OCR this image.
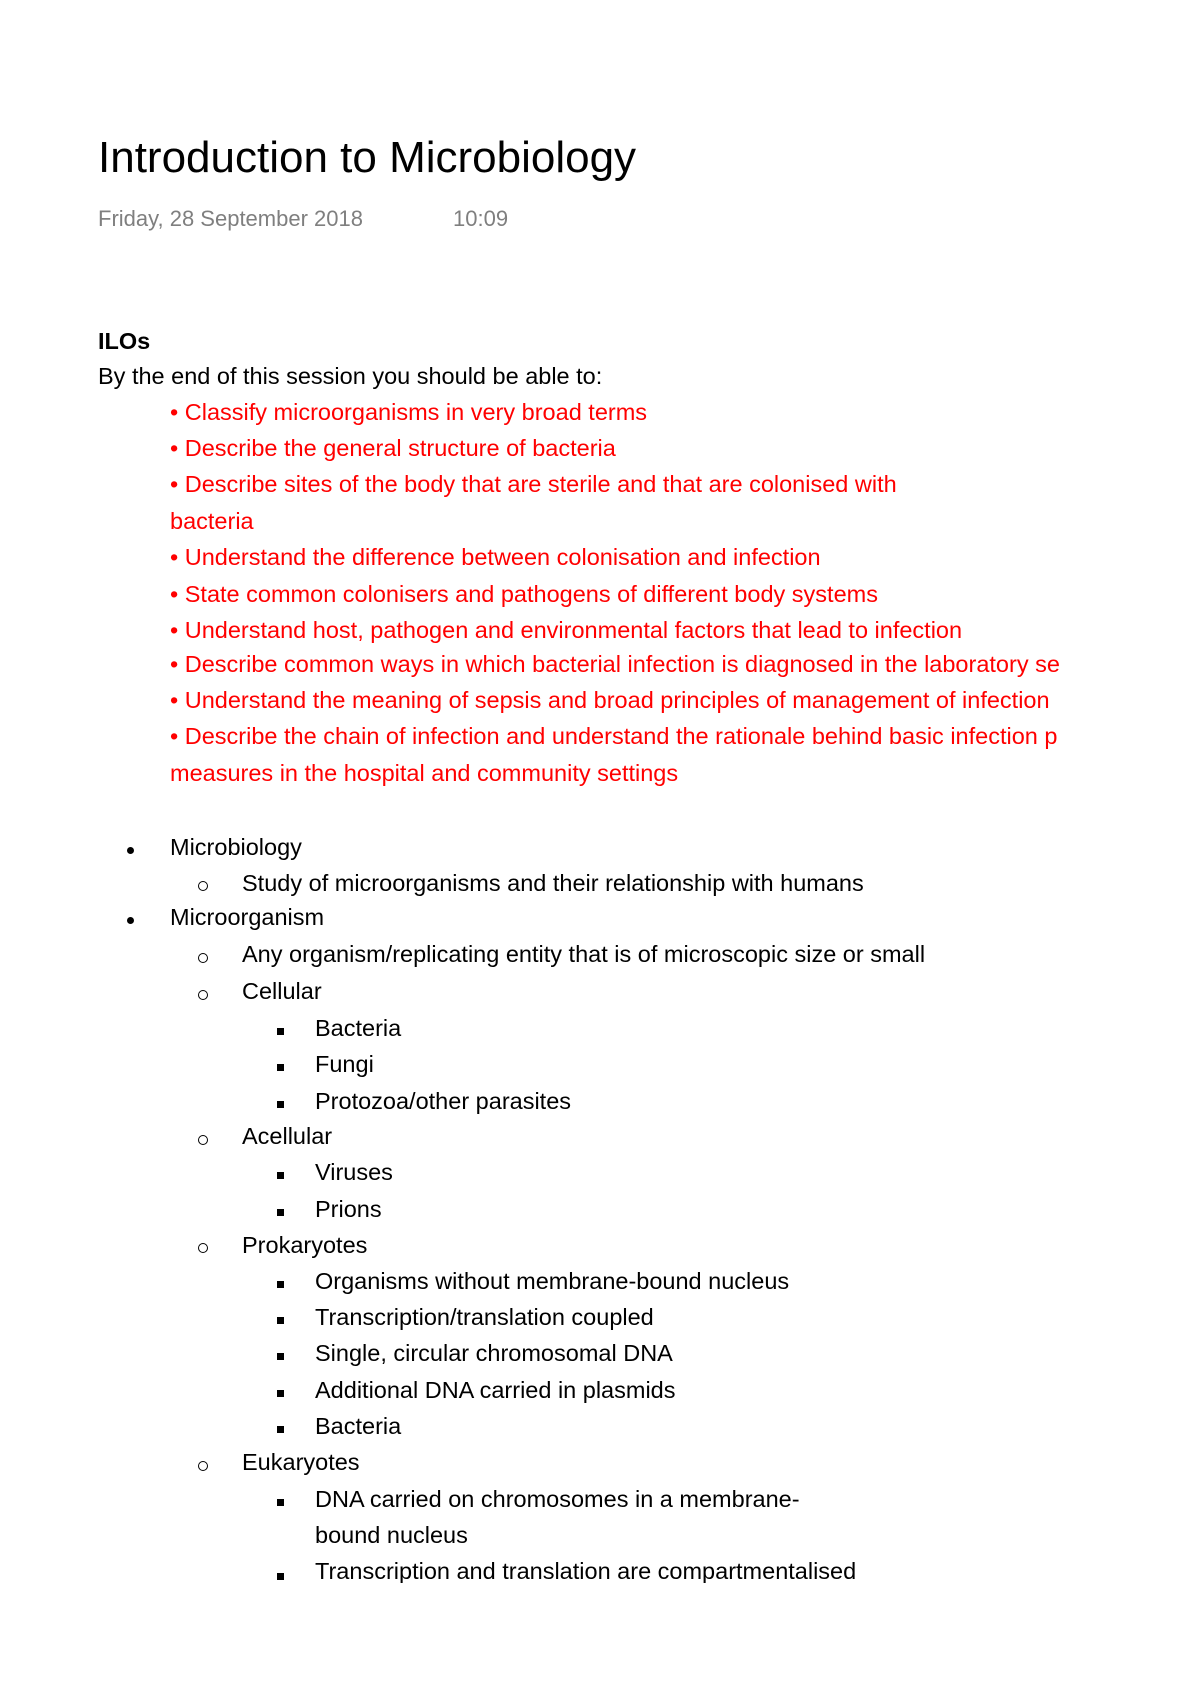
Introduction to Microbiology
Friday, 28 September 2018	10:09
ILOs
By the end of this session you should be able to:
• Classify microorganisms in very broad terms
• Describe the general structure of bacteria
• Describe sites of the body that are sterile and that are colonised with
bacteria
• Understand the difference between colonisation and infection
• State common colonisers and pathogens of different body systems
• Understand host, pathogen and environmental factors that lead to infection
• Describe common ways in which bacterial infection is diagnosed in the laboratory se
• Understand the meaning of sepsis and broad principles of management of infection
• Describe the chain of infection and understand the rationale behind basic infection p
measures in the hospital and community settings
Microbiology
Study of microorganisms and their relationship with humans
Microorganism
Any organism/replicating entity that is of microscopic size or small
Cellular
Bacteria
Fungi
Protozoa/other parasites
Acellular
Viruses
Prions
Prokaryotes
Organisms without membrane-bound nucleus
Transcription/translation coupled
Single, circular chromosomal DNA
Additional DNA carried in plasmids
Bacteria
Eukaryotes
DNA carried on chromosomes in a membrane-
bound nucleus
Transcription and translation are compartmentalised
